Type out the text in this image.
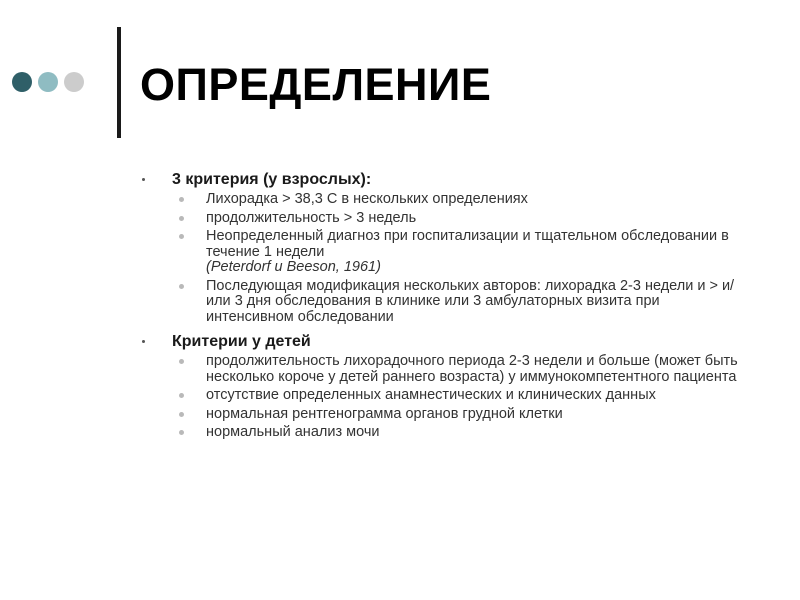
ОПРЕДЕЛЕНИЕ
3 критерия (у взрослых):
Лихорадка > 38,3 С в нескольких определениях
продолжительность > 3 недель
Неопределенный диагноз при госпитализации и тщательном обследовании в течение 1 недели
(Peterdorf u Beeson, 1961)
Последующая модификация нескольких авторов: лихорадка 2-3 недели и > и/или 3 дня обследования в клинике или 3 амбулаторных визита при интенсивном обследовании
Критерии у детей
продолжительность лихорадочного периода 2-3 недели и больше (может быть несколько короче у детей раннего возраста) у иммунокомпетентного пациента
отсутствие определенных анамнестических и клинических данных
нормальная рентгенограмма органов грудной клетки
нормальный анализ мочи
